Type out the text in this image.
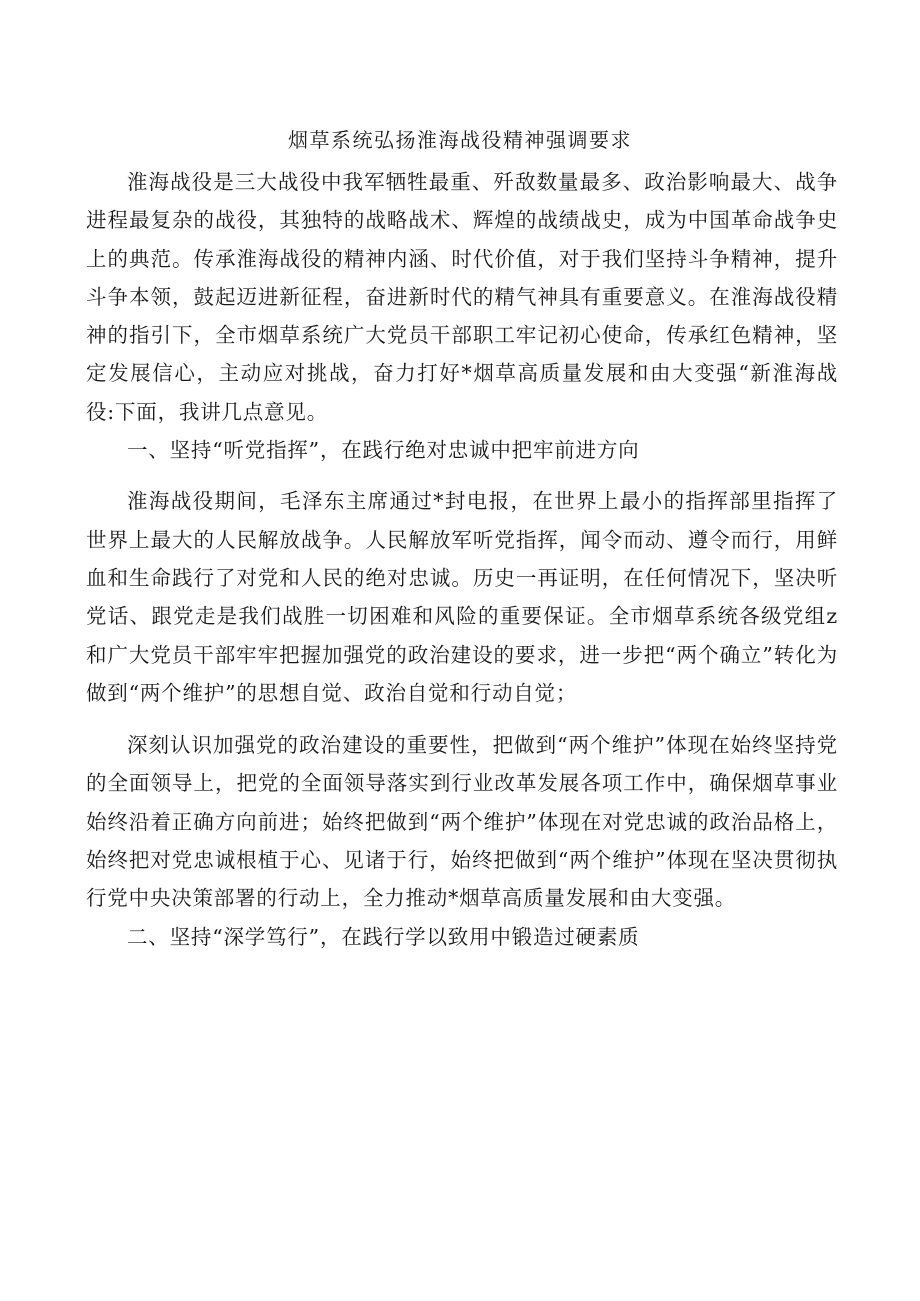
烟草系统弘扬淮海战役精神强调要求

淮海战役是三大战役中我军牺牲最重、歼敌数量最多、政治影响最大、战争进程最复杂的战役，其独特的战略战术、辉煌的战绩战史，成为中国革命战争史上的典范。传承淮海战役的精神内涵、时代价值，对于我们坚持斗争精神，提升斗争本领，鼓起迈进新征程，奋进新时代的精气神具有重要意义。在淮海战役精神的指引下，全市烟草系统广大党员干部职工牢记初心使命，传承红色精神，坚定发展信心，主动应对挑战，奋力打好*烟草高质量发展和由大变强“新淮海战役:下面，我讲几点意见。

一、坚持“听党指挥”，在践行绝对忠诚中把牢前进方向

淮海战役期间，毛泽东主席通过*封电报，在世界上最小的指挥部里指挥了世界上最大的人民解放战争。人民解放军听党指挥，闻令而动、遵令而行，用鲜血和生命践行了对党和人民的绝对忠诚。历史一再证明，在任何情况下，坚决听党话、跟党走是我们战胜一切困难和风险的重要保证。全市烟草系统各级党组z和广大党员干部牢牢把握加强党的政治建设的要求，进一步把“两个确立”转化为做到“两个维护”的思想自觉、政治自觉和行动自觉；

深刻认识加强党的政治建设的重要性，把做到“两个维护”体现在始终坚持党的全面领导上，把党的全面领导落实到行业改革发展各项工作中，确保烟草事业始终沿着正确方向前进；始终把做到“两个维护”体现在对党忠诚的政治品格上，始终把对党忠诚根植于心、见诸于行，始终把做到“两个维护”体现在坚决贯彻执行党中央决策部署的行动上，全力推动*烟草高质量发展和由大变强。

二、坚持“深学笃行”，在践行学以致用中锻造过硬素质
